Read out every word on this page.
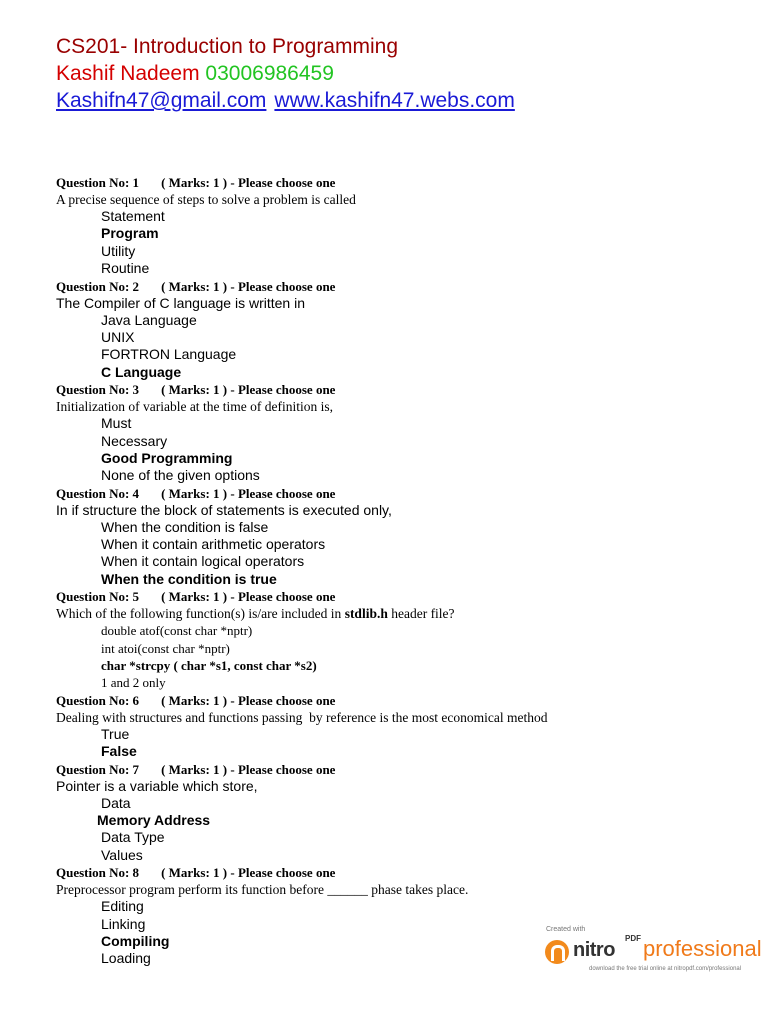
CS201- Introduction to Programming
Kashif Nadeem 03006986459
Kashifn47@gmail.com www.kashifn47.webs.com
Question No: 1 ( Marks: 1 ) - Please choose one
A precise sequence of steps to solve a problem is called
Statement
Program
Utility
Routine
Question No: 2 ( Marks: 1 ) - Please choose one
The Compiler of C language is written in
Java Language
UNIX
FORTRON Language
C Language
Question No: 3 ( Marks: 1 ) - Please choose one
Initialization of variable at the time of definition is,
Must
Necessary
Good Programming
None of the given options
Question No: 4 ( Marks: 1 ) - Please choose one
In if structure the block of statements is executed only,
When the condition is false
When it contain arithmetic operators
When it contain logical operators
When the condition is true
Question No: 5 ( Marks: 1 ) - Please choose one
Which of the following function(s) is/are included in stdlib.h header file?
double atof(const char *nptr)
int atoi(const char *nptr)
char *strcpy ( char *s1, const char *s2)
1 and 2 only
Question No: 6 ( Marks: 1 ) - Please choose one
Dealing with structures and functions passing  by reference is the most economical method
True
False
Question No: 7 ( Marks: 1 ) - Please choose one
Pointer is a variable which store,
Data
Memory Address
Data Type
Values
Question No: 8 ( Marks: 1 ) - Please choose one
Preprocessor program perform its function before ______ phase takes place.
Editing
Linking
Compiling
Loading
Created with
nitro
PDF professional
download the free trial online at nitropdf.com/professional
